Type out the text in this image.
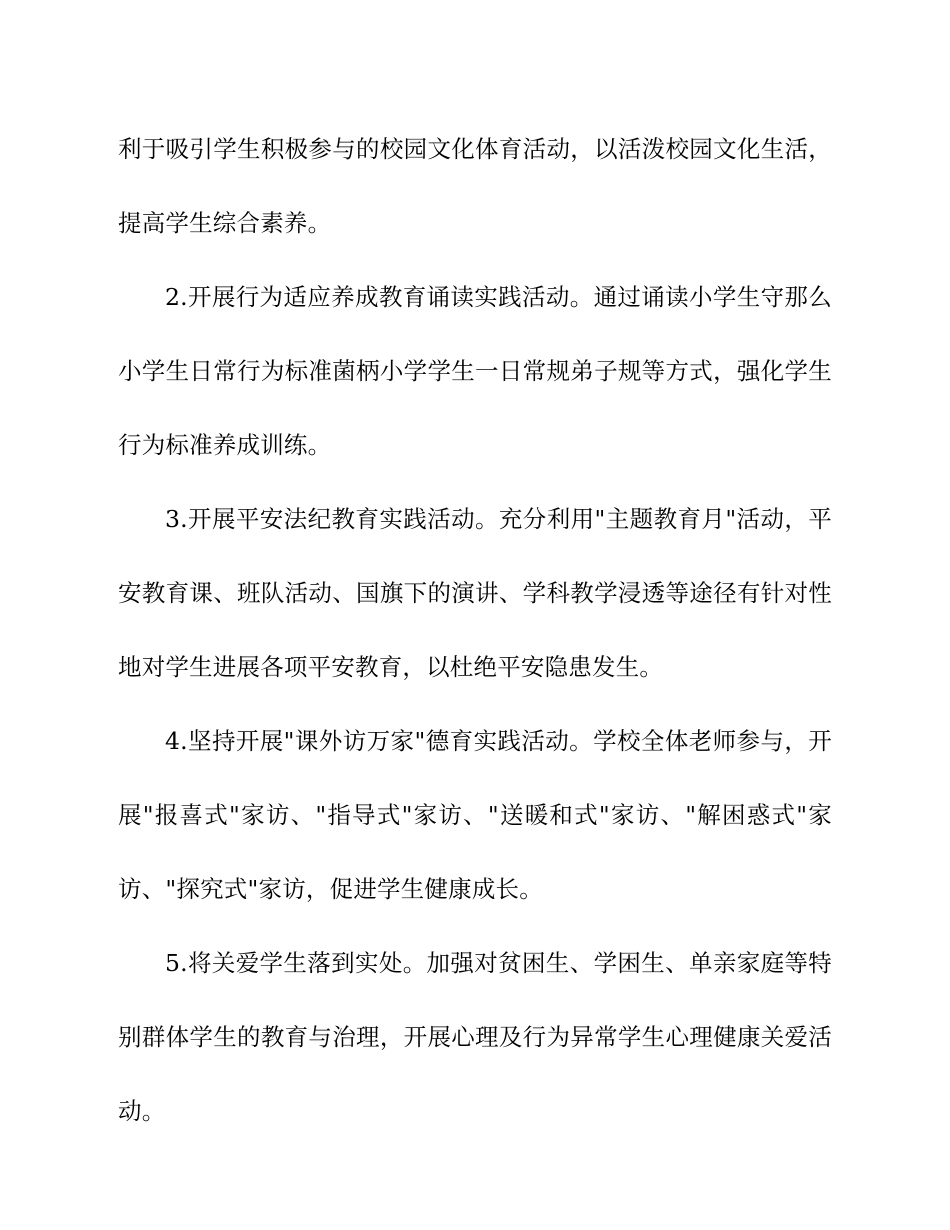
利于吸引学生积极参与的校园文化体育活动，以活泼校园文化生活，提高学生综合素养。

2.开展行为适应养成教育诵读实践活动。通过诵读小学生守那么小学生日常行为标准菌柄小学学生一日常规弟子规等方式，强化学生行为标准养成训练。

3.开展平安法纪教育实践活动。充分利用"主题教育月"活动，平安教育课、班队活动、国旗下的演讲、学科教学浸透等途径有针对性地对学生进展各项平安教育，以杜绝平安隐患发生。

4.坚持开展"课外访万家"德育实践活动。学校全体老师参与，开展"报喜式"家访、"指导式"家访、"送暖和式"家访、"解困惑式"家访、"探究式"家访，促进学生健康成长。

5.将关爱学生落到实处。加强对贫困生、学困生、单亲家庭等特别群体学生的教育与治理，开展心理及行为异常学生心理健康关爱活动。
